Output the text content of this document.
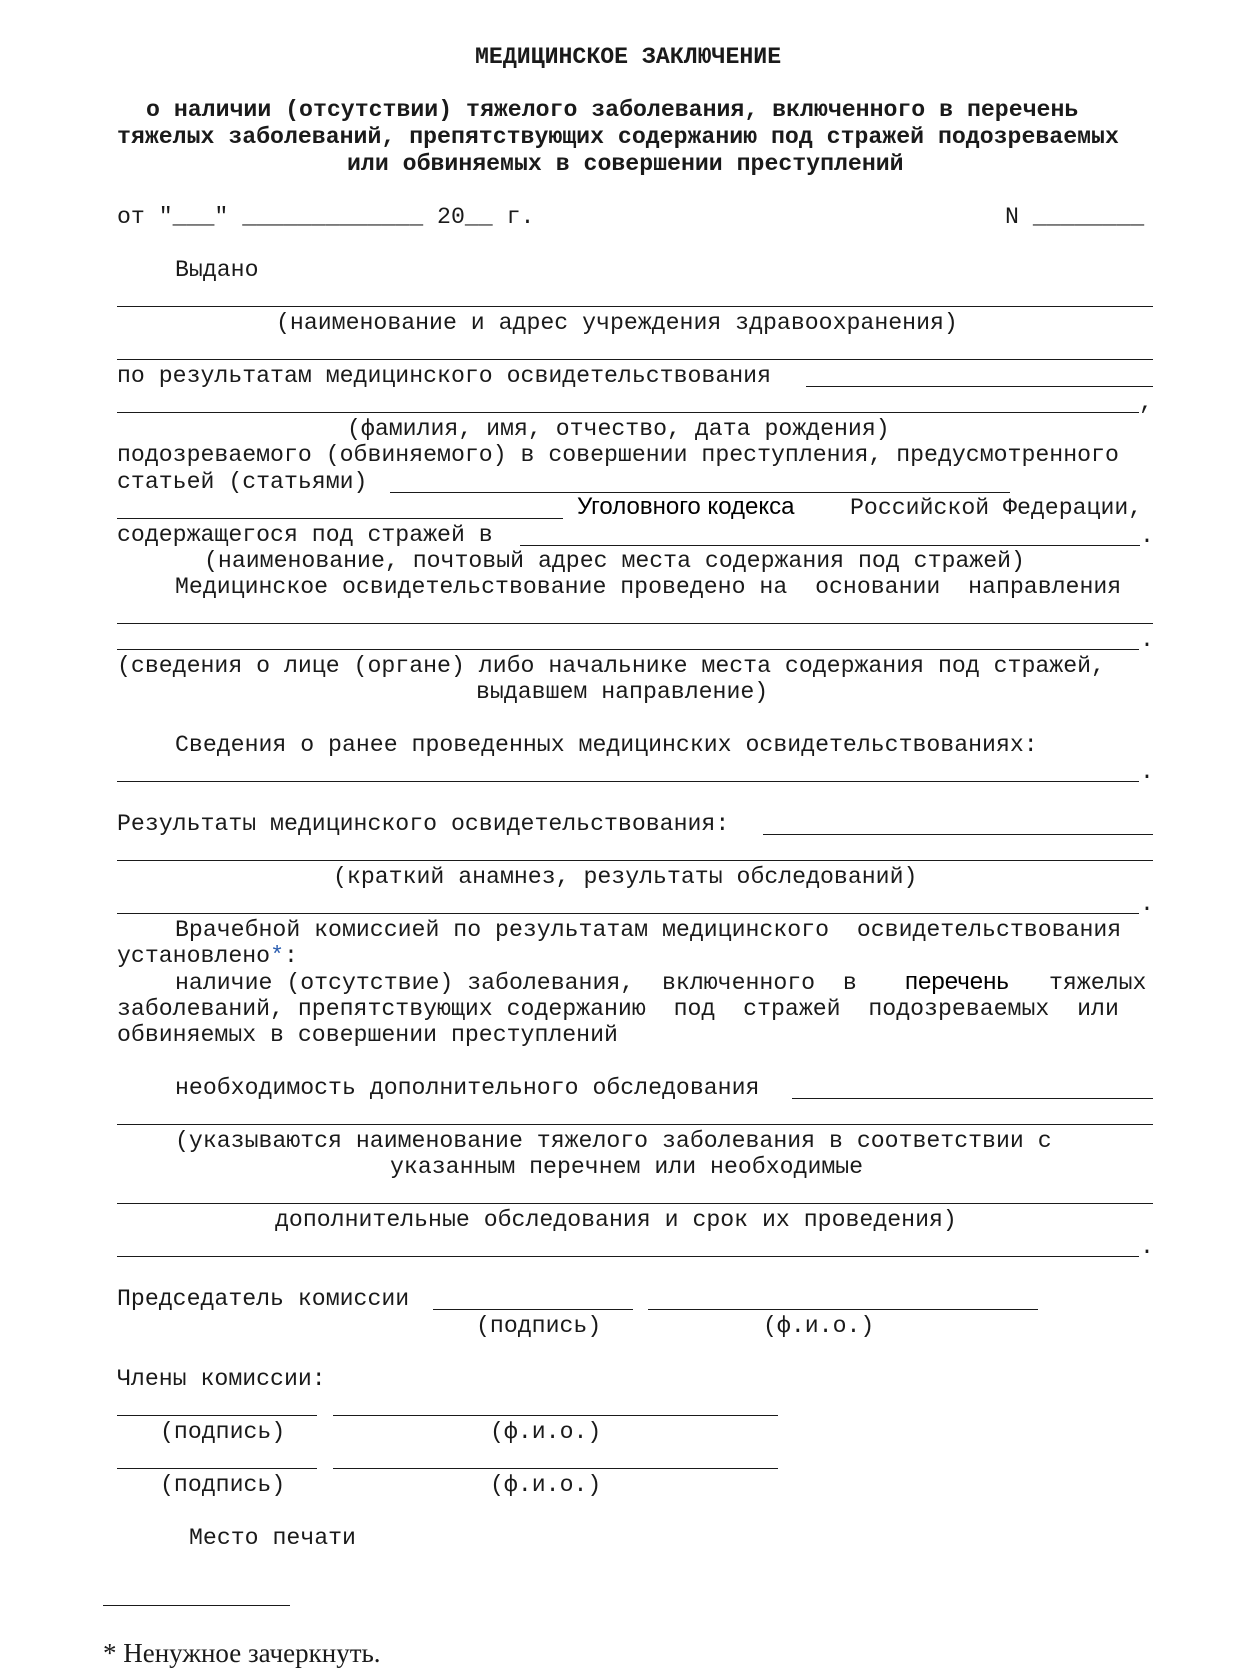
МЕДИЦИНСКОЕ ЗАКЛЮЧЕНИЕ
о наличии (отсутствии) тяжелого заболевания, включенного в перечень
тяжелых заболеваний, препятствующих содержанию под стражей подозреваемых
или обвиняемых в совершении преступлений
от "___" _____________ 20__ г.	N ________
Выдано
(наименование и адрес учреждения здравоохранения)
по результатам медицинского освидетельствования
,
(фамилия, имя, отчество, дата рождения)
подозреваемого (обвиняемого) в совершении преступления, предусмотренного
статьей (статьями)
Уголовного кодекса Российской Федерации,
содержащегося под стражей в	.
(наименование, почтовый адрес места содержания под стражей)
Медицинское освидетельствование проведено на  основании  направления
.
(сведения о лице (органе) либо начальнике места содержания под стражей,
выдавшем направление)
Сведения о ранее проведенных медицинских освидетельствованиях:
.
Результаты медицинского освидетельствования:
(краткий анамнез, результаты обследований)
.
Врачебной комиссией по результатам медицинского  освидетельствования
установлено*:
наличие (отсутствие) заболевания,  включенного  в перечень тяжелых
заболеваний, препятствующих содержанию  под  стражей  подозреваемых  или
обвиняемых в совершении преступлений
необходимость дополнительного обследования
(указываются наименование тяжелого заболевания в соответствии с
указанным перечнем или необходимые
дополнительные обследования и срок их проведения)
.
Председатель комиссии
(подпись)	(ф.и.о.)
Члены комиссии:
(подпись)	(ф.и.о.)
(подпись)	(ф.и.о.)
Место печати
* Ненужное зачеркнуть.
